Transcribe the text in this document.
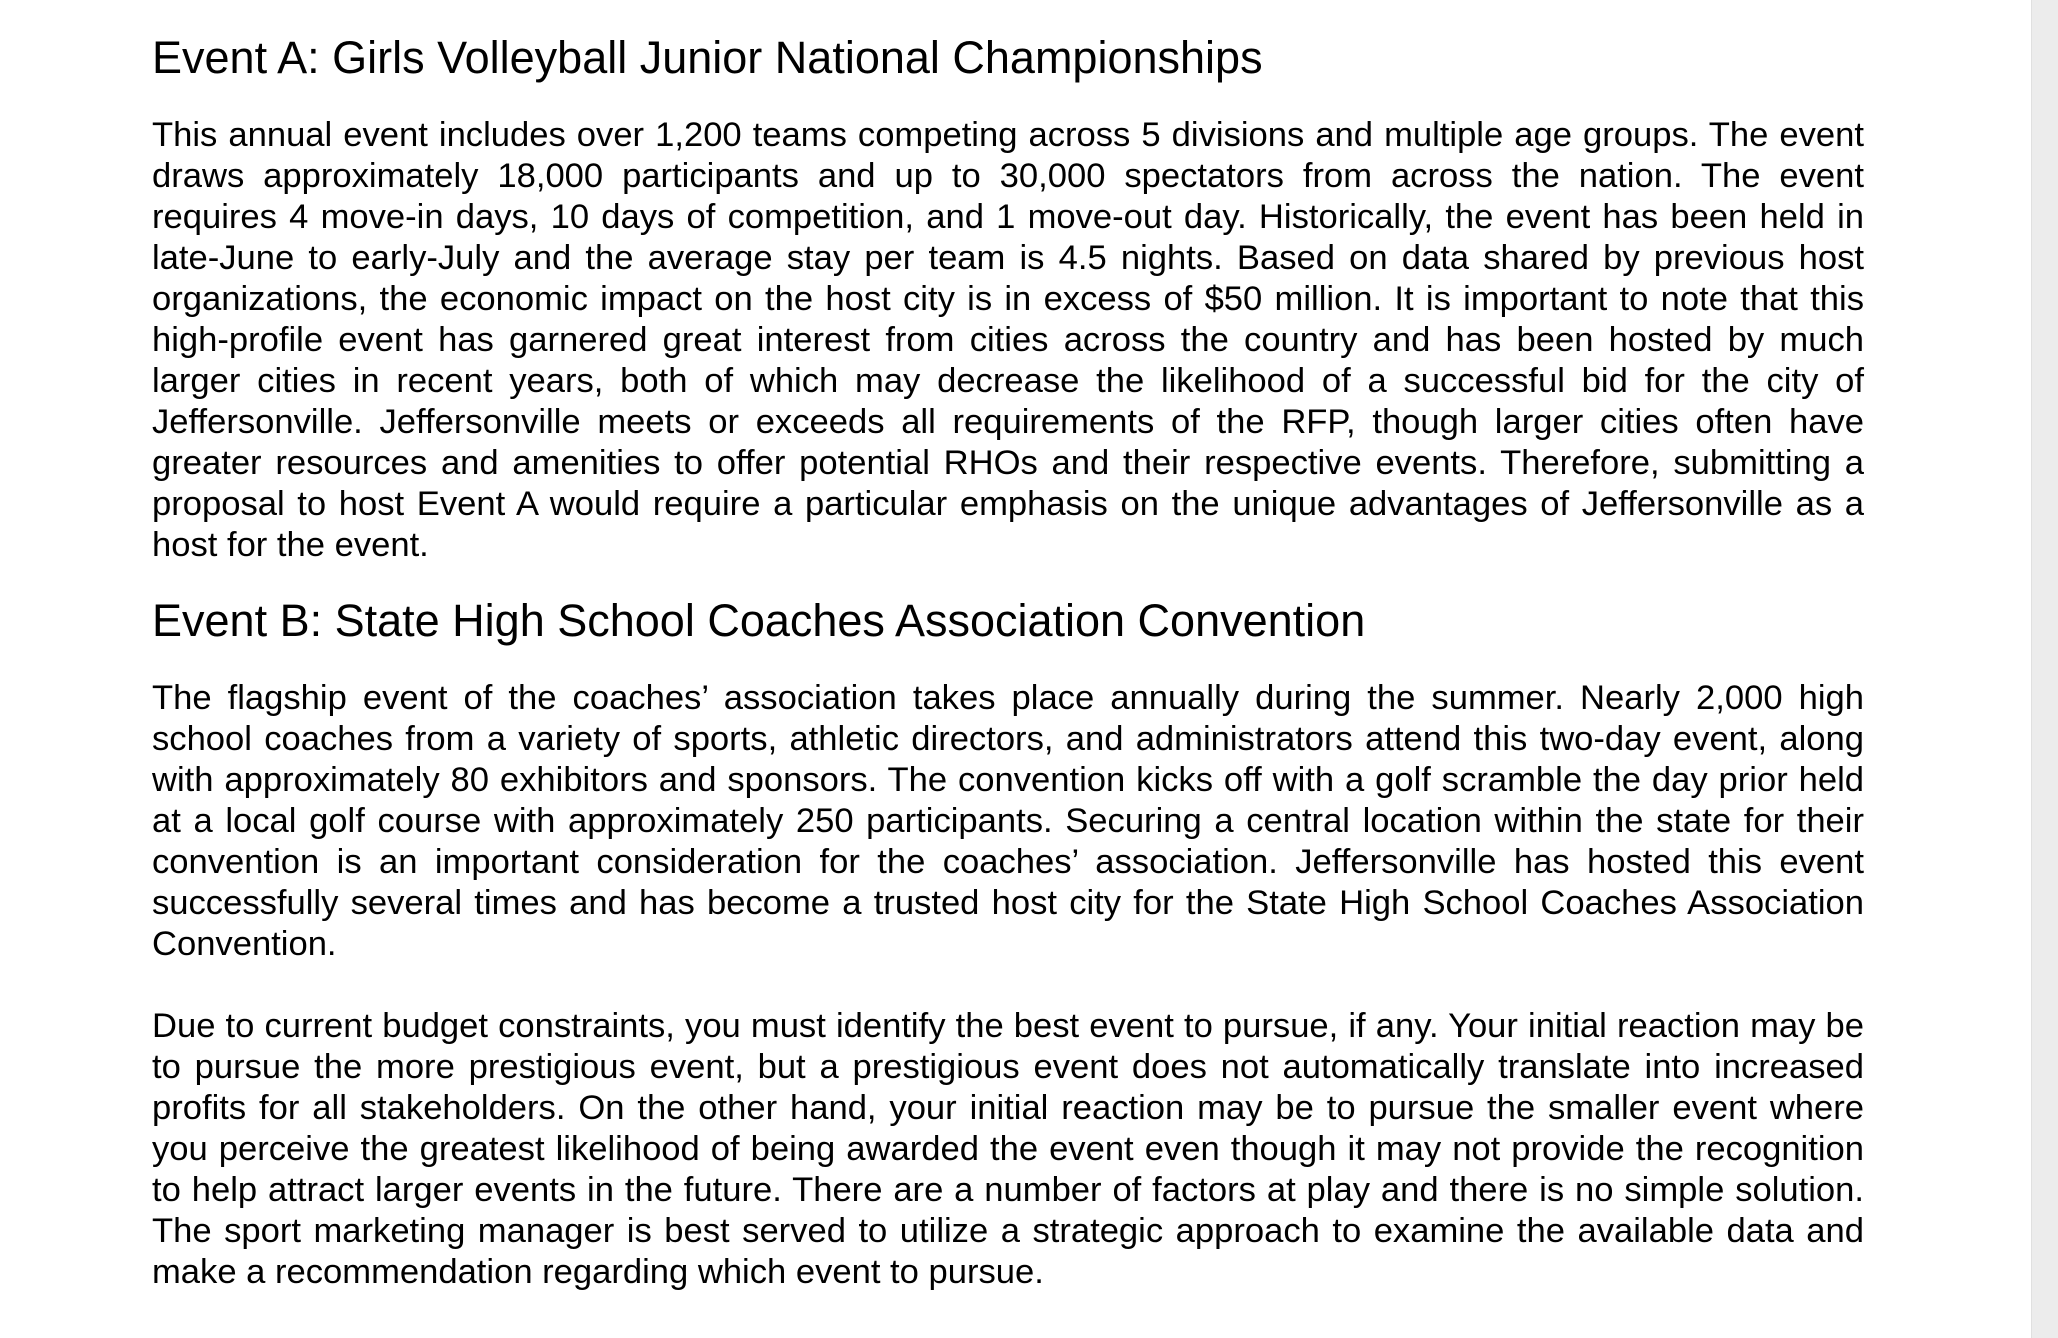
Event A: Girls Volleyball Junior National Championships

This annual event includes over 1,200 teams competing across 5 divisions and multiple age groups. The event draws approximately 18,000 participants and up to 30,000 spectators from across the nation. The event requires 4 move-in days, 10 days of competition, and 1 move-out day. Historically, the event has been held in late-June to early-July and the average stay per team is 4.5 nights. Based on data shared by previous host organizations, the economic impact on the host city is in excess of $50 million. It is important to note that this high-profile event has garnered great interest from cities across the country and has been hosted by much larger cities in recent years, both of which may decrease the likelihood of a successful bid for the city of Jeffersonville. Jeffersonville meets or exceeds all requirements of the RFP, though larger cities often have greater resources and amenities to offer potential RHOs and their respective events. Therefore, submitting a proposal to host Event A would require a particular emphasis on the unique advantages of Jeffersonville as a host for the event.

Event B: State High School Coaches Association Convention

The flagship event of the coaches’ association takes place annually during the summer. Nearly 2,000 high school coaches from a variety of sports, athletic directors, and administrators attend this two-day event, along with approximately 80 exhibitors and sponsors. The convention kicks off with a golf scramble the day prior held at a local golf course with approximately 250 participants. Securing a central location within the state for their convention is an important consideration for the coaches’ association. Jeffersonville has hosted this event successfully several times and has become a trusted host city for the State High School Coaches Association Convention.

Due to current budget constraints, you must identify the best event to pursue, if any. Your initial reaction may be to pursue the more prestigious event, but a prestigious event does not automatically translate into increased profits for all stakeholders. On the other hand, your initial reaction may be to pursue the smaller event where you perceive the greatest likelihood of being awarded the event even though it may not provide the recognition to help attract larger events in the future. There are a number of factors at play and there is no simple solution. The sport marketing manager is best served to utilize a strategic approach to examine the available data and make a recommendation regarding which event to pursue.
